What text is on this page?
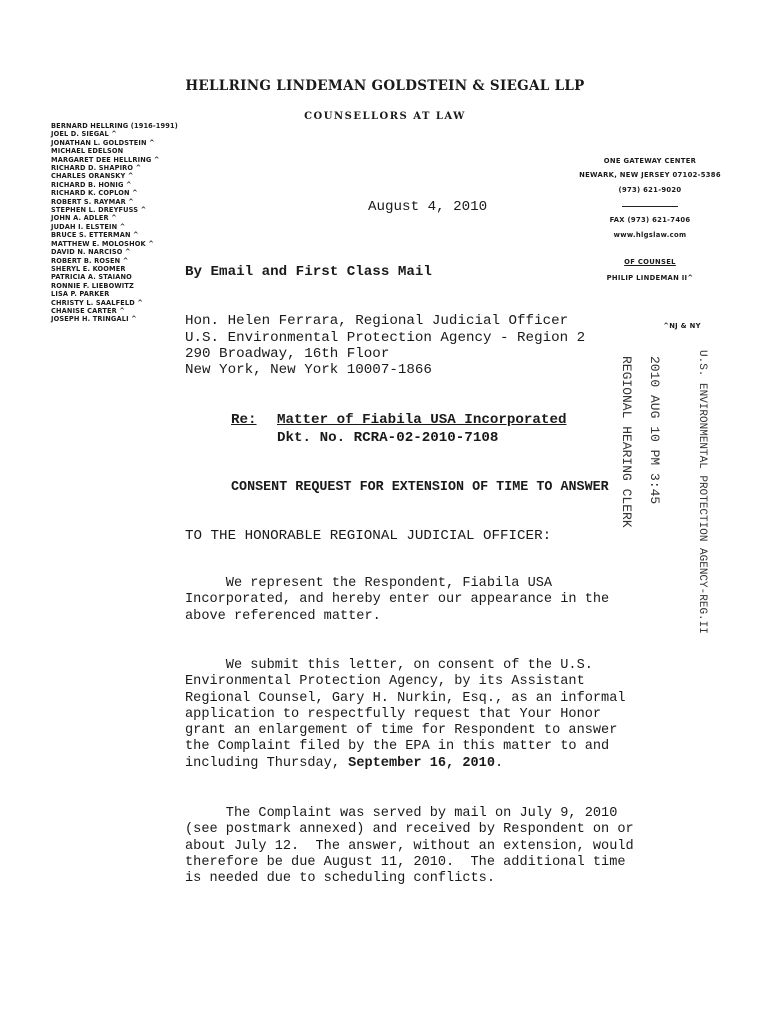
HELLRING LINDEMAN GOLDSTEIN & SIEGAL LLP
COUNSELLORS AT LAW
BERNARD HELLRING (1916-1991)
JOEL D. SIEGAL ^
JONATHAN L. GOLDSTEIN ^
MICHAEL EDELSON
MARGARET DEE HELLRING ^
RICHARD D. SHAPIRO ^
CHARLES ORANSKY ^
RICHARD B. HONIG ^
RICHARD K. COPLON ^
ROBERT S. RAYMAR ^
STEPHEN L. DREYFUSS ^
JOHN A. ADLER ^
JUDAH I. ELSTEIN ^
BRUCE S. ETTERMAN ^
MATTHEW E. MOLOSHOK ^
DAVID N. NARCISO ^
ROBERT B. ROSEN ^
SHERYL E. KOOMER
PATRICIA A. STAIANO
RONNIE F. LIEBOWITZ
LISA P. PARKER
CHRISTY L. SAALFELD ^
CHANISE CARTER ^
JOSEPH H. TRINGALI ^
ONE GATEWAY CENTER
NEWARK, NEW JERSEY 07102-5386
(973) 621-9020
FAX (973) 621-7406
www.hlgslaw.com
OF COUNSEL
PHILIP LINDEMAN II^
^NJ & NY
August 4, 2010
By Email and First Class Mail
Hon. Helen Ferrara, Regional Judicial Officer
U.S. Environmental Protection Agency - Region 2
290 Broadway, 16th Floor
New York, New York 10007-1866
Re: Matter of Fiabila USA Incorporated
Dkt. No. RCRA-02-2010-7108
CONSENT REQUEST FOR EXTENSION OF TIME TO ANSWER
TO THE HONORABLE REGIONAL JUDICIAL OFFICER:
We represent the Respondent, Fiabila USA
Incorporated, and hereby enter our appearance in the
above referenced matter.
We submit this letter, on consent of the U.S.
Environmental Protection Agency, by its Assistant
Regional Counsel, Gary H. Nurkin, Esq., as an informal
application to respectfully request that Your Honor
grant an enlargement of time for Respondent to answer
the Complaint filed by the EPA in this matter to and
including Thursday, September 16, 2010.
The Complaint was served by mail on July 9, 2010
(see postmark annexed) and received by Respondent on or
about July 12.  The answer, without an extension, would
therefore be due August 11, 2010.  The additional time
is needed due to scheduling conflicts.
REGIONAL HEARING CLERK 2010 AUG 10 PM 3:45	U.S. ENVIRONMENTAL PROTECTION AGENCY-REG.II
